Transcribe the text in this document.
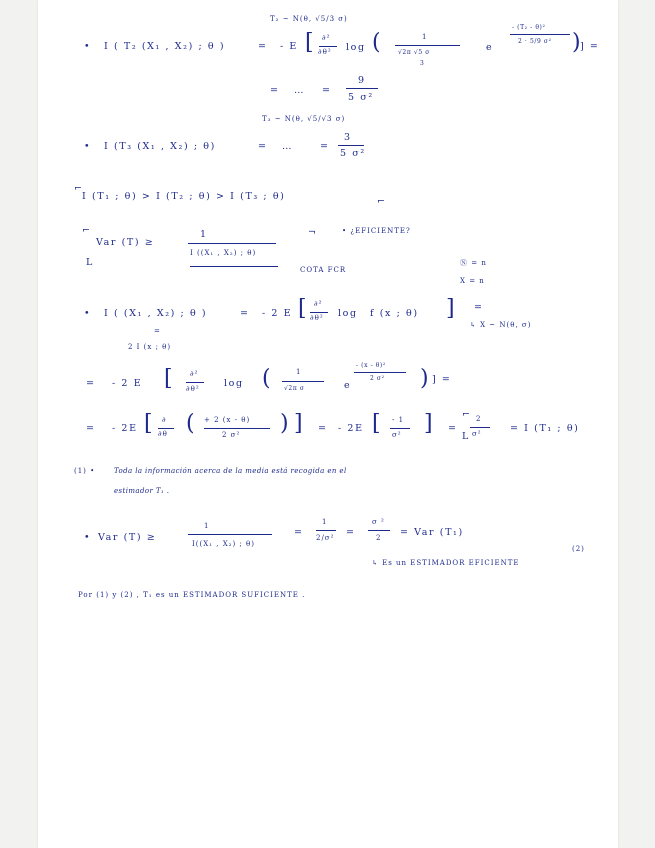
T₂ ~ N(θ, √5/3 σ)
• I ( T₂ (X₁ , X₂) ; θ )	= - E [ ∂²
∂θ² log (	1
√2π √5 σ
3
e
- (T₂ - θ)²
2 · 5/9 σ² ) ] =
= … =
9
5 σ²
T₃ ~ N(θ, √5/√3 σ)
• I (T₃ (X₁ , X₂) ; θ)	= …	=
3
5 σ²
⌐
I (T₁ ; θ) > I (T₂ ; θ) > I (T₃ ; θ)	⌐
⌐
Var (T) ≥
1
I ((X₁ , X₂) ; θ)
L
¬	• ¿EFICIENTE?
COTA FCR
Ⓝ = n
X = n
• I ( (X₁ , X₂) ; θ )	= - 2 E [ ∂²
∂θ² log f (x ; θ) ] =
↳ X ~ N(θ, σ)
=
2 I (x ; θ)
= - 2 E [ ∂²
∂θ²	log (	1
√2π σ	e
- (x - θ)²
2 σ² ) ] =
= - 2E [ ∂
∂θ ( + 2 (x - θ)
2 σ² ) ] = - 2E [ - 1
σ² ] =
⌐ 2
σ²
L
= I (T₁ ; θ)
(1) •	Toda la información acerca de la media está recogida en el
estimador T₁ .
• Var (T) ≥
1
I((X₁ , X₂) ; θ)
=
1
2/σ² =
σ ²
2 = Var (T₁)
(2)
↳ Es un ESTIMADOR EFICIENTE
Por (1) y (2) , T₁ es un ESTIMADOR SUFICIENTE .
